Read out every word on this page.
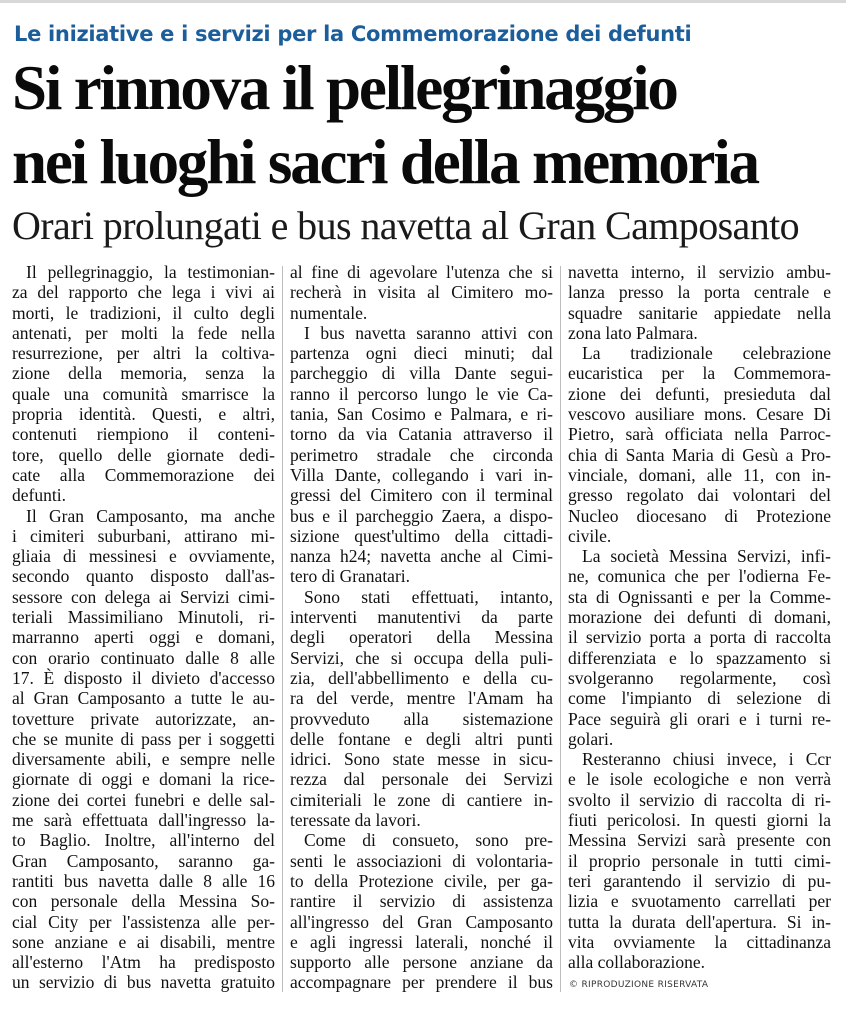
Le iniziative e i servizi per la Commemorazione dei defunti
Si rinnova il pellegrinaggio
nei luoghi sacri della memoria
Orari prolungati e bus navetta al Gran Camposanto
Il pellegrinaggio, la testimonian-
za del rapporto che lega i vivi ai
morti, le tradizioni, il culto degli
antenati, per molti la fede nella
resurrezione, per altri la coltiva-
zione della memoria, senza la
quale una comunità smarrisce la
propria identità. Questi, e altri,
contenuti riempiono il conteni-
tore, quello delle giornate dedi-
cate alla Commemorazione dei
defunti.
Il Gran Camposanto, ma anche
i cimiteri suburbani, attirano mi-
gliaia di messinesi e ovviamente,
secondo quanto disposto dall'as-
sessore con delega ai Servizi cimi-
teriali Massimiliano Minutoli, ri-
marranno aperti oggi e domani,
con orario continuato dalle 8 alle
17. È disposto il divieto d'accesso
al Gran Camposanto a tutte le au-
tovetture private autorizzate, an-
che se munite di pass per i soggetti
diversamente abili, e sempre nelle
giornate di oggi e domani la rice-
zione dei cortei funebri e delle sal-
me sarà effettuata dall'ingresso la-
to Baglio. Inoltre, all'interno del
Gran Camposanto, saranno ga-
rantiti bus navetta dalle 8 alle 16
con personale della Messina So-
cial City per l'assistenza alle per-
sone anziane e ai disabili, mentre
all'esterno l'Atm ha predisposto
un servizio di bus navetta gratuito
al fine di agevolare l'utenza che si
recherà in visita al Cimitero mo-
numentale.
I bus navetta saranno attivi con
partenza ogni dieci minuti; dal
parcheggio di villa Dante segui-
ranno il percorso lungo le vie Ca-
tania, San Cosimo e Palmara, e ri-
torno da via Catania attraverso il
perimetro stradale che circonda
Villa Dante, collegando i vari in-
gressi del Cimitero con il terminal
bus e il parcheggio Zaera, a dispo-
sizione quest'ultimo della cittadi-
nanza h24; navetta anche al Cimi-
tero di Granatari.
Sono stati effettuati, intanto,
interventi manutentivi da parte
degli operatori della Messina
Servizi, che si occupa della puli-
zia, dell'abbellimento e della cu-
ra del verde, mentre l'Amam ha
provveduto alla sistemazione
delle fontane e degli altri punti
idrici. Sono state messe in sicu-
rezza dal personale dei Servizi
cimiteriali le zone di cantiere in-
teressate da lavori.
Come di consueto, sono pre-
senti le associazioni di volontaria-
to della Protezione civile, per ga-
rantire il servizio di assistenza
all'ingresso del Gran Camposanto
e agli ingressi laterali, nonché il
supporto alle persone anziane da
accompagnare per prendere il bus
navetta interno, il servizio ambu-
lanza presso la porta centrale e
squadre sanitarie appiedate nella
zona lato Palmara.
La tradizionale celebrazione
eucaristica per la Commemora-
zione dei defunti, presieduta dal
vescovo ausiliare mons. Cesare Di
Pietro, sarà officiata nella Parroc-
chia di Santa Maria di Gesù a Pro-
vinciale, domani, alle 11, con in-
gresso regolato dai volontari del
Nucleo diocesano di Protezione
civile.
La società Messina Servizi, infi-
ne, comunica che per l'odierna Fe-
sta di Ognissanti e per la Comme-
morazione dei defunti di domani,
il servizio porta a porta di raccolta
differenziata e lo spazzamento si
svolgeranno regolarmente, così
come l'impianto di selezione di
Pace seguirà gli orari e i turni re-
golari.
Resteranno chiusi invece, i Ccr
e le isole ecologiche e non verrà
svolto il servizio di raccolta di ri-
fiuti pericolosi. In questi giorni la
Messina Servizi sarà presente con
il proprio personale in tutti cimi-
teri garantendo il servizio di pu-
lizia e svuotamento carrellati per
tutta la durata dell'apertura. Si in-
vita ovviamente la cittadinanza
alla collaborazione.
© RIPRODUZIONE RISERVATA
